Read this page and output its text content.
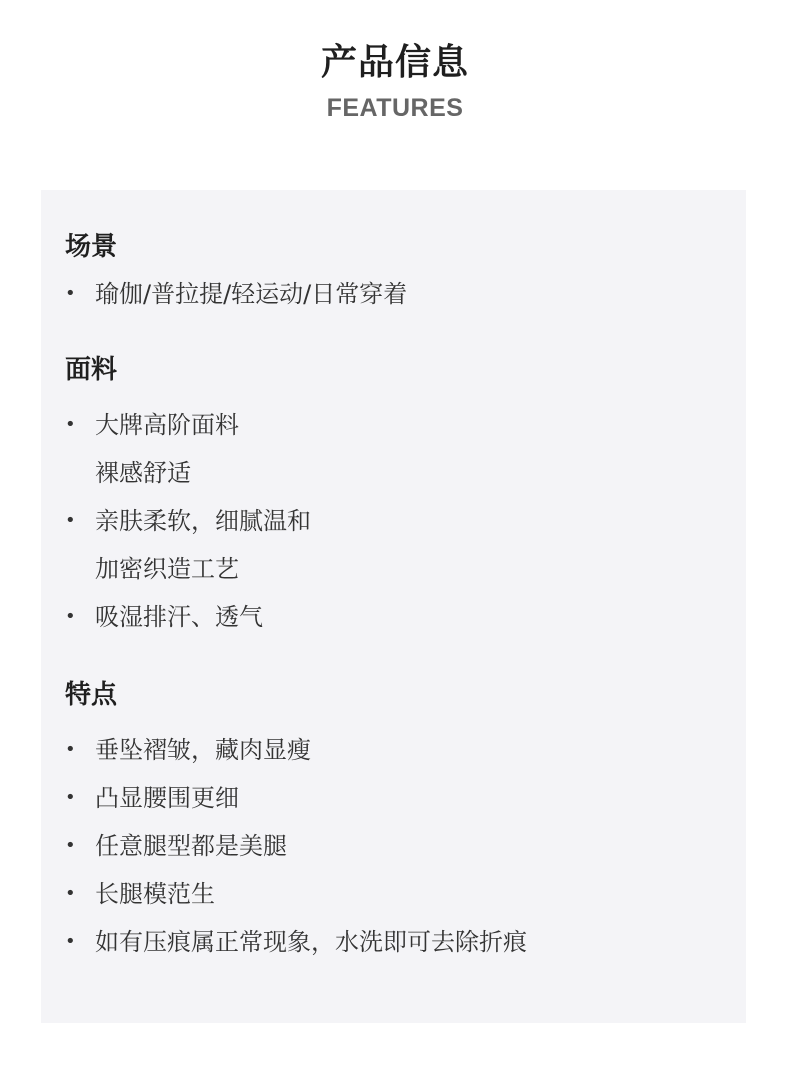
产品信息
FEATURES
场景
• 瑜伽/普拉提/轻运动/日常穿着
面料
• 大牌高阶面料
裸感舒适
• 亲肤柔软，细腻温和
加密织造工艺
• 吸湿排汗、透气
特点
• 垂坠褶皱，藏肉显瘦
• 凸显腰围更细
• 任意腿型都是美腿
• 长腿模范生
• 如有压痕属正常现象，水洗即可去除折痕
